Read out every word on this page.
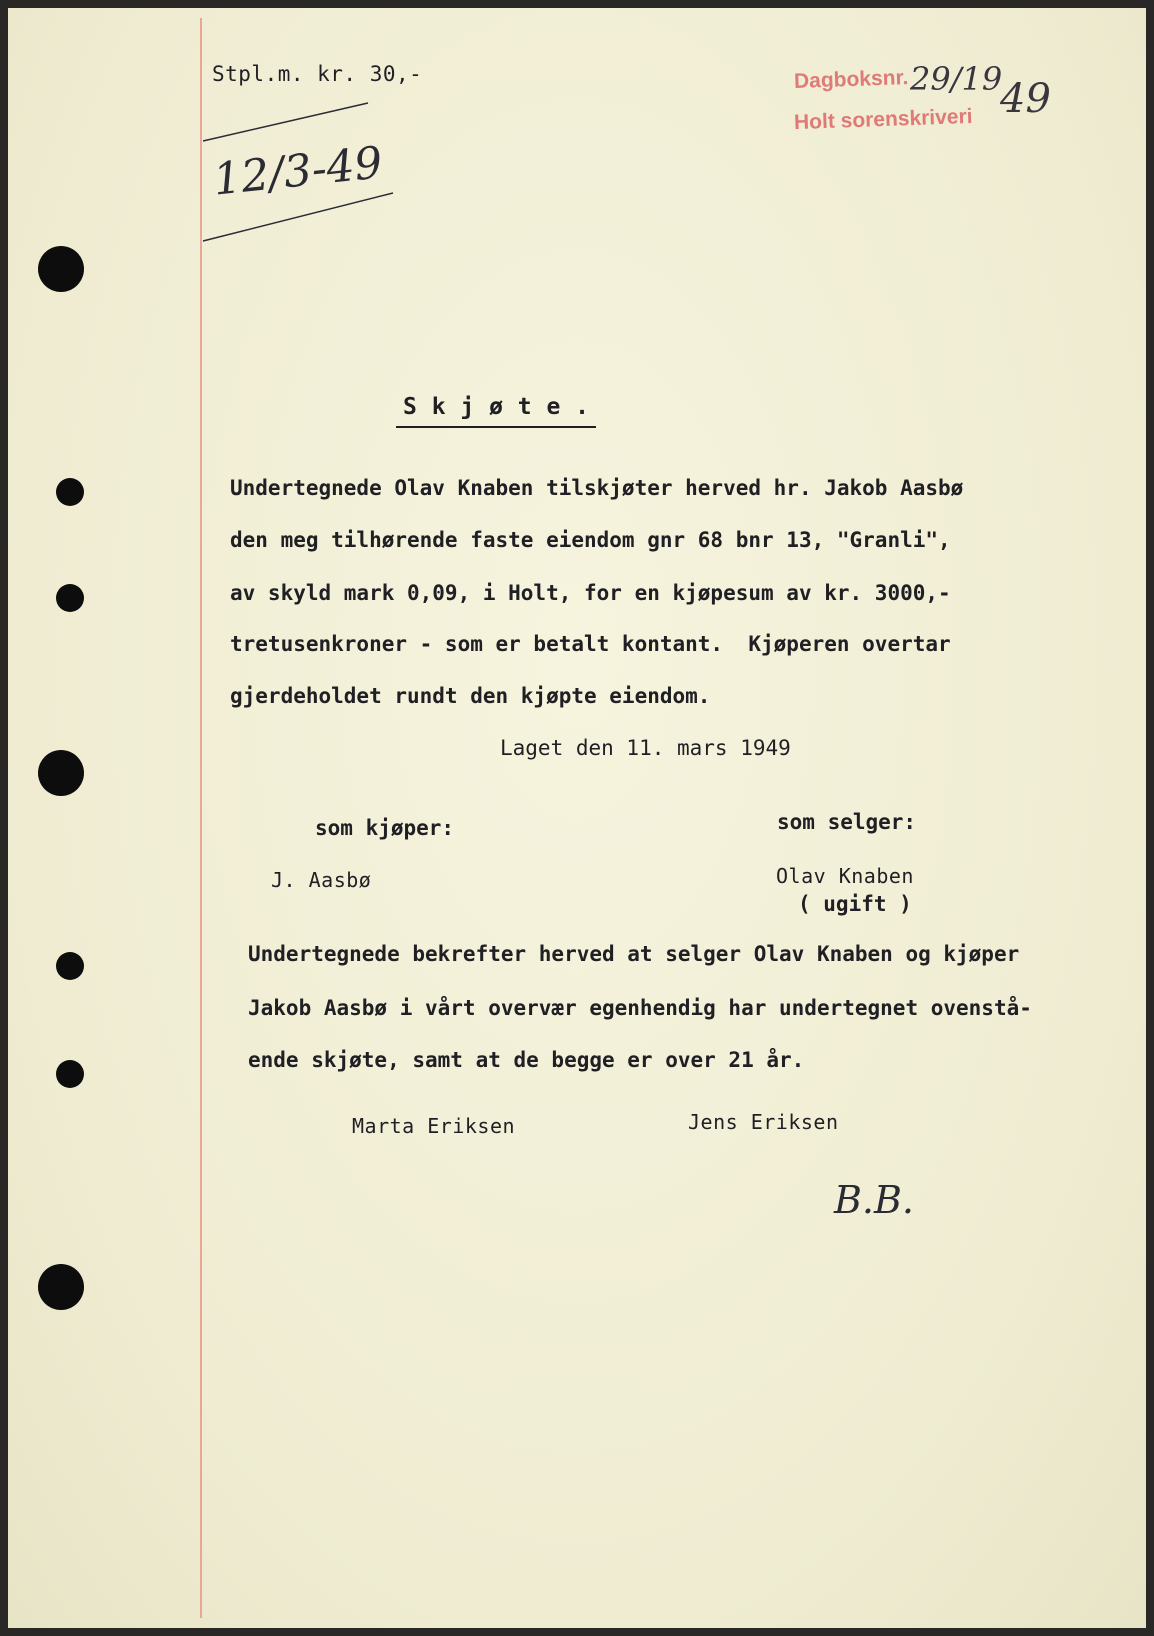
Stpl.m. kr. 30,-
12/3-49
Dagboksnr. 29/19
49
Holt sorenskriveri
S k j ø t e .
Undertegnede Olav Knaben tilskjøter herved hr. Jakob Aasbø
den meg tilhørende faste eiendom gnr 68 bnr 13, "Granli",
av skyld mark 0,09, i Holt, for en kjøpesum av kr. 3000,-
tretusenkroner - som er betalt kontant.  Kjøperen overtar
gjerdeholdet rundt den kjøpte eiendom.
Laget den 11. mars 1949
som kjøper:
J. Aasbø
som selger:
Olav Knaben
( ugift )
Undertegnede bekrefter herved at selger Olav Knaben og kjøper
Jakob Aasbø i vårt overvær egenhendig har undertegnet ovenstå-
ende skjøte, samt at de begge er over 21 år.
Marta Eriksen	Jens Eriksen
B.B.
